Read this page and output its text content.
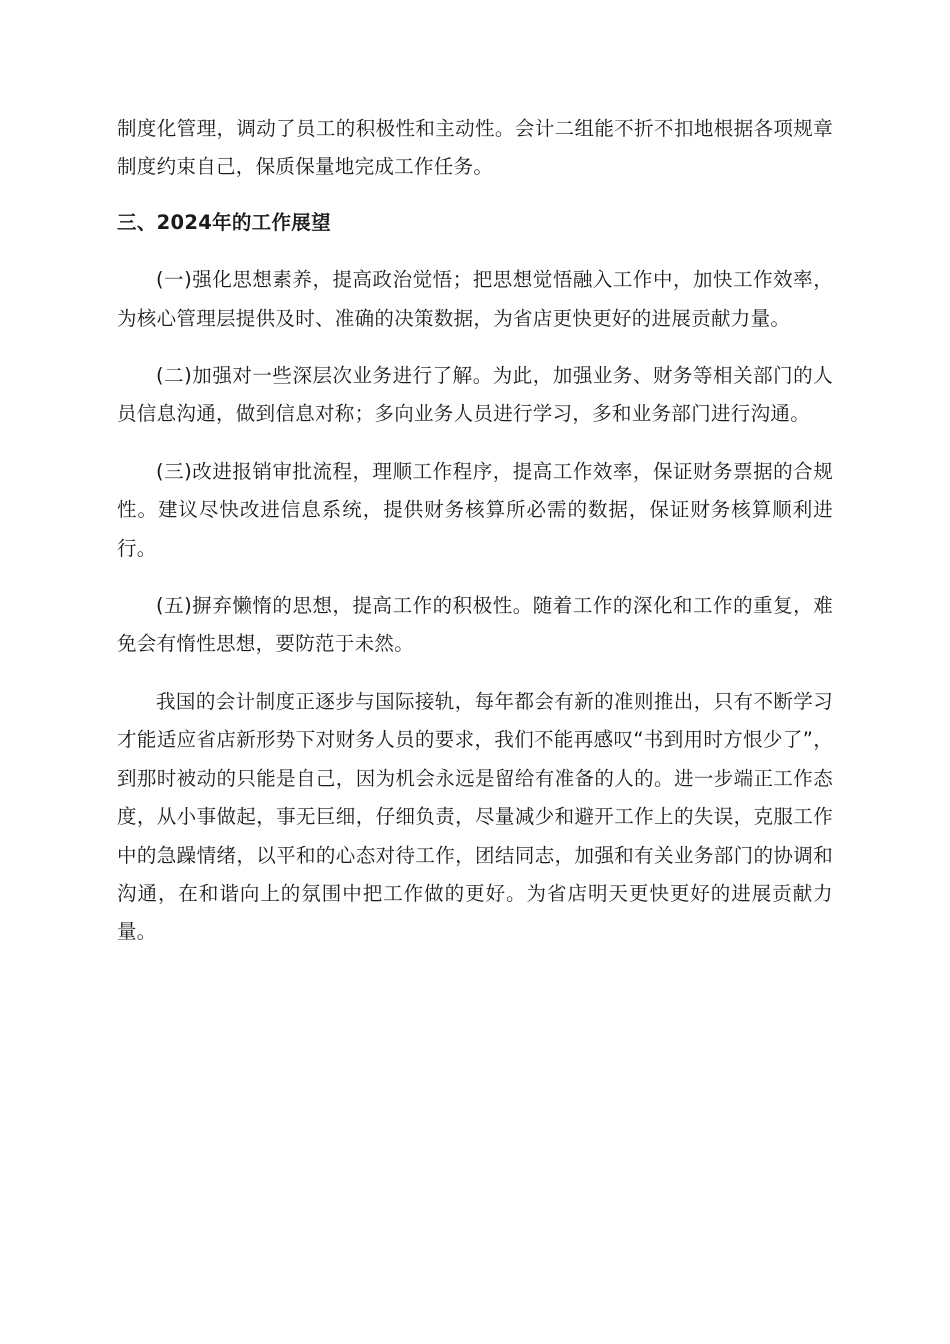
制度化管理，调动了员工的积极性和主动性。会计二组能不折不扣地根据各项规章制度约束自己，保质保量地完成工作任务。

三、2024年的工作展望

(一)强化思想素养，提高政治觉悟；把思想觉悟融入工作中，加快工作效率，为核心管理层提供及时、准确的决策数据，为省店更快更好的进展贡献力量。

(二)加强对一些深层次业务进行了解。为此，加强业务、财务等相关部门的人员信息沟通，做到信息对称；多向业务人员进行学习，多和业务部门进行沟通。

(三)改进报销审批流程，理顺工作程序，提高工作效率，保证财务票据的合规性。建议尽快改进信息系统，提供财务核算所必需的数据，保证财务核算顺利进行。

(五)摒弃懒惰的思想，提高工作的积极性。随着工作的深化和工作的重复，难免会有惰性思想，要防范于未然。

我国的会计制度正逐步与国际接轨，每年都会有新的准则推出，只有不断学习才能适应省店新形势下对财务人员的要求，我们不能再感叹“书到用时方恨少了”，到那时被动的只能是自己，因为机会永远是留给有准备的人的。进一步端正工作态度，从小事做起，事无巨细，仔细负责，尽量减少和避开工作上的失误，克服工作中的急躁情绪，以平和的心态对待工作，团结同志，加强和有关业务部门的协调和沟通，在和谐向上的氛围中把工作做的更好。为省店明天更快更好的进展贡献力量。
